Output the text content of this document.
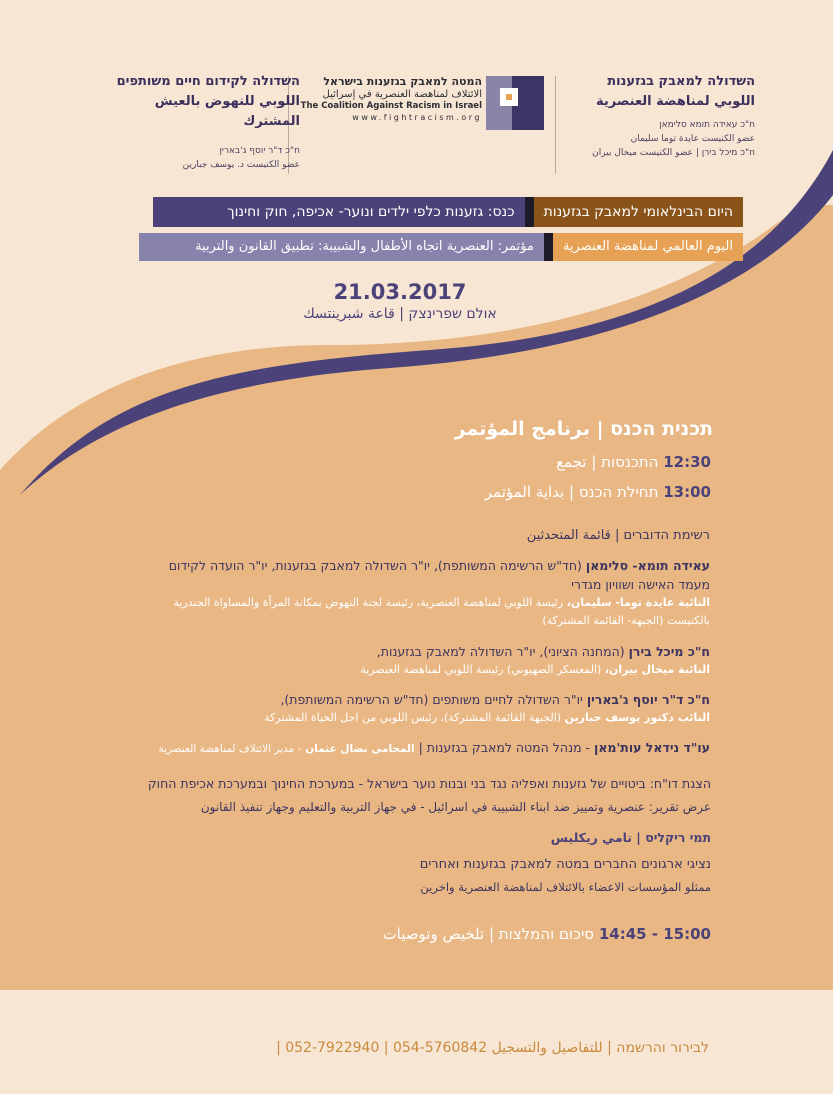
השדולה למאבק בגזענות
اللوبي لمناهضة العنصرية
ח"כ עאידה תומא סלימאן
عضو الكنيست عايدة توما سليمان
ח"כ מיכל בירן | عضو الكنيست ميخال بيران
המטה למאבק בגזענות בישראל
الائتلاف لمناهضة العنصرية في إسرائيل
The Coalition Against Racism in Israel
www.fightracism.org
השדולה לקידום חיים משותפים
اللوبي للنهوض بالعيش المشترك
ח"כ ד"ר יוסף ג'בארין
عضو الكنيست د. يوسف جبارين
היום הבינלאומי למאבק בגזענות
כנס: גזענות כלפי ילדים ונוער- אכיפה, חוק וחינוך
اليوم العالمي لمناهضة العنصرية
مؤتمر: العنصرية اتجاه الأطفال والشبيبة: تطبيق القانون والتربية
21.03.2017
אולם שפרינצק | قاعة شبرينتسك
תכנית הכנס | برنامج المؤتمر
12:30 התכנסות | تجمع
13:00 תחילת הכנס | بداية المؤتمر
רשימת הדוברים | قائمة المتحدثين
עאידה תומא- סלימאן (חד"ש הרשימה המשותפת), יו"ר השדולה למאבק בגזענות, יו"ר הועדה לקידום
מעמד האישה ושוויון מגדרי
النائبة عايدة توما- سليمان، رئيسة اللوبي لمناهضة العنصرية، رئيسة لجنة النهوض بمكانة المرأة والمساواة الجندرية
بالكنيست (الجبهة- القائمة المشتركة)
ח"כ מיכל בירן (המחנה הציוני), יו"ר השדולה למאבק בגזענות,
النائبة ميخال بيران، (المعسكر الصهيوني) رئيسة اللوبي لمناهضة العنصرية
ח"כ ד"ר יוסף ג'בארין יו"ר השדולה לחיים משותפים (חד"ש הרשימה המשותפת),
النائب دكتور يوسف جبارين (الجبهة القائمة المشتركة)، رئيس اللوبي من اجل الحياة المشتركة
עו"ד נידאל עות'מאן - מנהל המטה למאבק בגזענות | المحامي نضال عثمان - مدير الائتلاف لمناهضة العنصرية
הצגת דו"ח: ביטויים של גזענות ואפליה נגד בני ובנות נוער בישראל - במערכת החינוך ובמערכת אכיפת החוק
عرض تقرير: عنصرية وتمييز ضد ابناء الشبيبة في اسرائيل - في جهاز التربية والتعليم وجهاز تنفيذ القانون
תמי ריקליס | تامي ريكليس
נציגי ארגונים החברים במטה למאבק בגזענות ואחרים
ممثلو المؤسسات الاعضاء بالائتلاف لمناهضة العنصرية واخرين
14:45 - 15:00 סיכום והמלצות | تلخيص وتوصيات
לבירור והרשמה | للتفاصيل والتسجيل | 052-7922940 | 054-5760842
